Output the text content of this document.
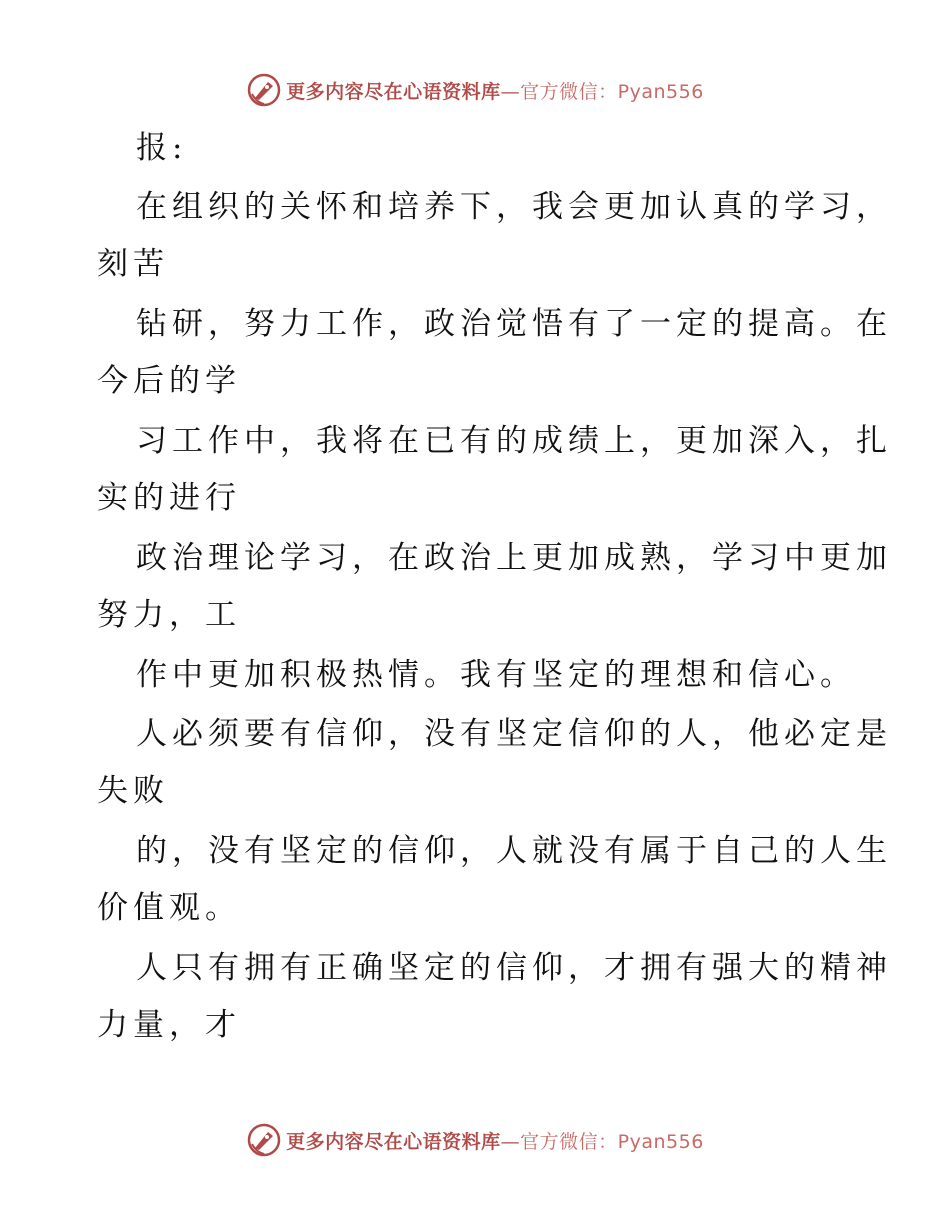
更多内容尽在心语资料库—官方微信：Pyan556
报:
在组织的关怀和培养下，我会更加认真的学习，
刻苦
钻研，努力工作，政治觉悟有了一定的提高。在
今后的学
习工作中，我将在已有的成绩上，更加深入，扎
实的进行
政治理论学习，在政治上更加成熟，学习中更加
努力，工
作中更加积极热情。我有坚定的理想和信心。
人必须要有信仰，没有坚定信仰的人，他必定是
失败
的，没有坚定的信仰，人就没有属于自己的人生
价值观。
人只有拥有正确坚定的信仰，才拥有强大的精神
力量，才
更多内容尽在心语资料库—官方微信：Pyan556
